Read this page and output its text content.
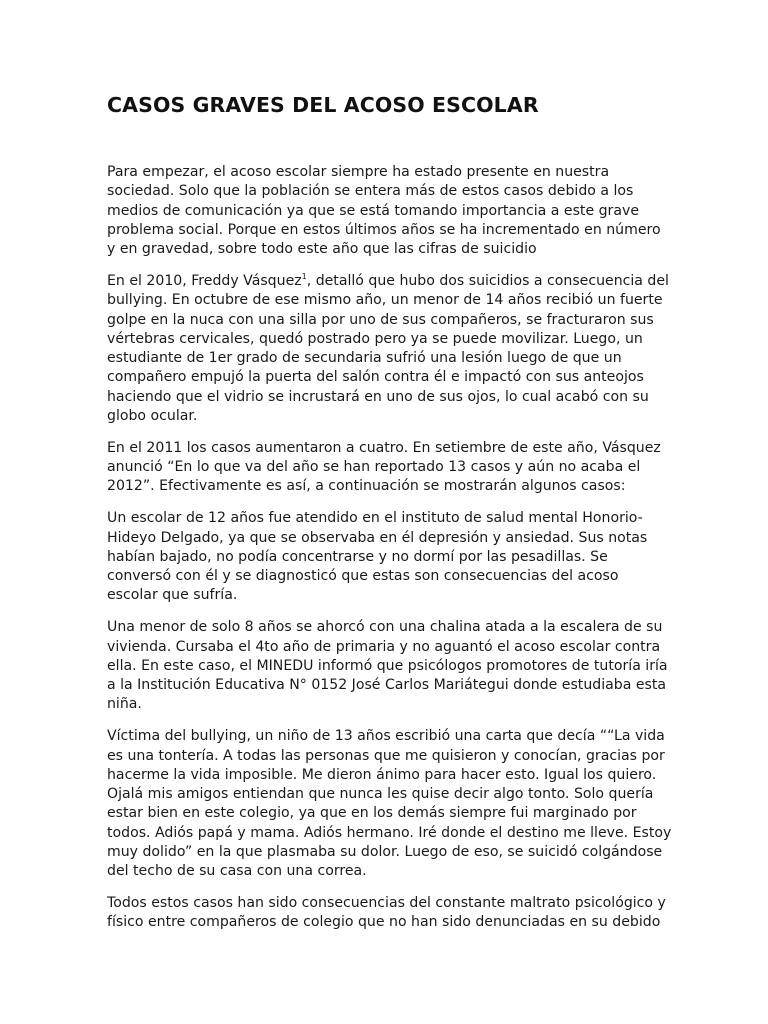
CASOS GRAVES DEL ACOSO ESCOLAR

Para empezar, el acoso escolar siempre ha estado presente en nuestra
sociedad. Solo que la población se entera más de estos casos debido a los
medios de comunicación ya que se está tomando importancia a este grave
problema social. Porque en estos últimos años se ha incrementado en número
y en gravedad, sobre todo este año que las cifras de suicidio

En el 2010, Freddy Vásquez$^1$, detalló que hubo dos suicidios a consecuencia del
bullying. En octubre de ese mismo año, un menor de 14 años recibió un fuerte
golpe en la nuca con una silla por uno de sus compañeros, se fracturaron sus
vértebras cervicales, quedó postrado pero ya se puede movilizar. Luego, un
estudiante de 1er grado de secundaria sufrió una lesión luego de que un
compañero empujó la puerta del salón contra él e impactó con sus anteojos
haciendo que el vidrio se incrustará en uno de sus ojos, lo cual acabó con su
globo ocular.

En el 2011 los casos aumentaron a cuatro. En setiembre de este año, Vásquez
anunció “En lo que va del año se han reportado 13 casos y aún no acaba el
2012”. Efectivamente es así, a continuación se mostrarán algunos casos:

Un escolar de 12 años fue atendido en el instituto de salud mental Honorio-
Hideyo Delgado, ya que se observaba en él depresión y ansiedad. Sus notas
habían bajado, no podía concentrarse y no dormí por las pesadillas. Se
conversó con él y se diagnosticó que estas son consecuencias del acoso
escolar que sufría.

Una menor de solo 8 años se ahorcó con una chalina atada a la escalera de su
vivienda. Cursaba el 4to año de primaria y no aguantó el acoso escolar contra
ella. En este caso, el MINEDU informó que psicólogos promotores de tutoría iría
a la Institución Educativa N° 0152 José Carlos Mariátegui donde estudiaba esta
niña.

Víctima del bullying, un niño de 13 años escribió una carta que decía ““La vida
es una tontería. A todas las personas que me quisieron y conocían, gracias por
hacerme la vida imposible. Me dieron ánimo para hacer esto. Igual los quiero.
Ojalá mis amigos entiendan que nunca les quise decir algo tonto. Solo quería
estar bien en este colegio, ya que en los demás siempre fui marginado por
todos. Adiós papá y mama. Adiós hermano. Iré donde el destino me lleve. Estoy
muy dolido” en la que plasmaba su dolor. Luego de eso, se suicidó colgándose
del techo de su casa con una correa.

Todos estos casos han sido consecuencias del constante maltrato psicológico y
físico entre compañeros de colegio que no han sido denunciadas en su debido
